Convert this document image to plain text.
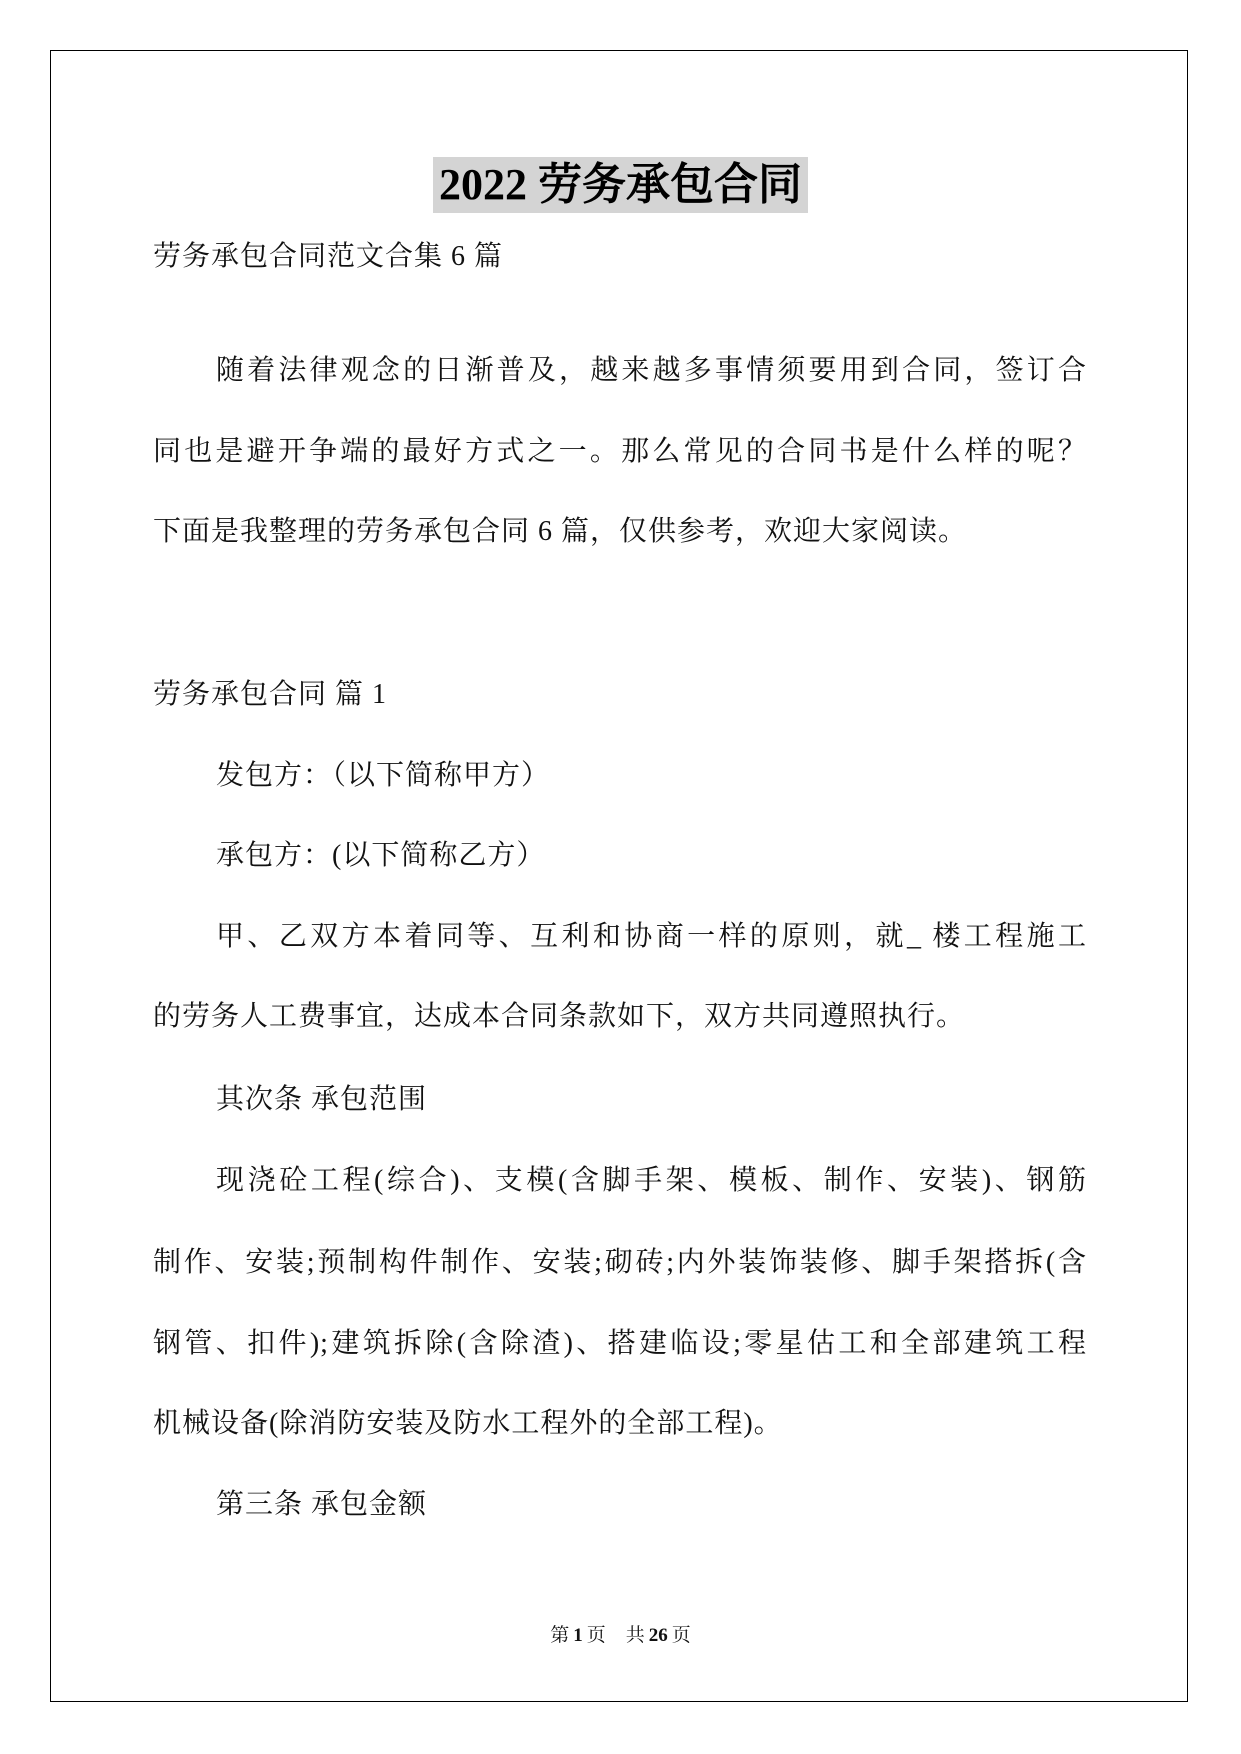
2022 劳务承包合同
劳务承包合同范文合集 6 篇
随着法律观念的日渐普及，越来越多事情须要用到合同，签订合
同也是避开争端的最好方式之一。那么常见的合同书是什么样的呢？
下面是我整理的劳务承包合同 6 篇，仅供参考，欢迎大家阅读。
劳务承包合同 篇 1
发包方：（以下简称甲方）
承包方：(以下简称乙方）
甲、乙双方本着同等、互利和协商一样的原则，就_ 楼工程施工
的劳务人工费事宜，达成本合同条款如下，双方共同遵照执行。
其次条 承包范围
现浇砼工程(综合)、支模(含脚手架、模板、制作、安装)、钢筋
制作、安装;预制构件制作、安装;砌砖;内外装饰装修、脚手架搭拆(含
钢管、扣件);建筑拆除(含除渣)、搭建临设;零星估工和全部建筑工程
机械设备(除消防安装及防水工程外的全部工程)。
第三条 承包金额
第 1 页 共 26 页
